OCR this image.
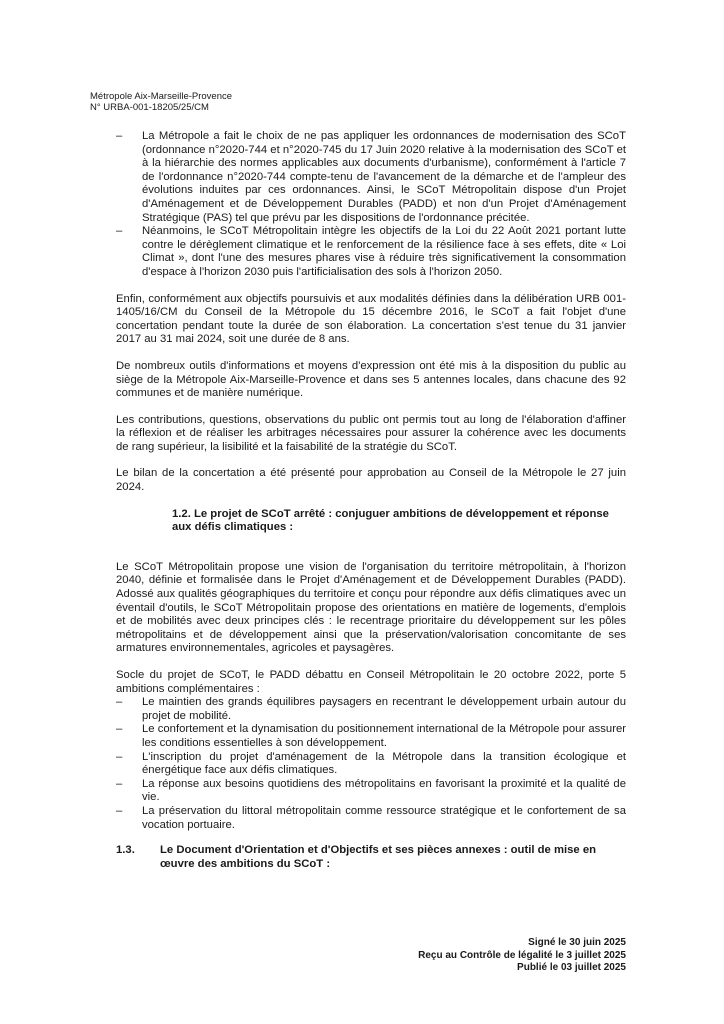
Métropole Aix-Marseille-Provence
N° URBA-001-18205/25/CM
– La Métropole a fait le choix de ne pas appliquer les ordonnances de modernisation des SCoT (ordonnance n°2020-744 et n°2020-745 du 17 Juin 2020 relative à la modernisation des SCoT et à la hiérarchie des normes applicables aux documents d'urbanisme), conformément à l'article 7 de l'ordonnance n°2020-744 compte-tenu de l'avancement de la démarche et de l'ampleur des évolutions induites par ces ordonnances. Ainsi, le SCoT Métropolitain dispose d'un Projet d'Aménagement et de Développement Durables (PADD) et non d'un Projet d'Aménagement Stratégique (PAS) tel que prévu par les dispositions de l'ordonnance précitée.

– Néanmoins, le SCoT Métropolitain intègre les objectifs de la Loi du 22 Août 2021 portant lutte contre le dérèglement climatique et le renforcement de la résilience face à ses effets, dite « Loi Climat », dont l'une des mesures phares vise à réduire très significativement la consommation d'espace à l'horizon 2030 puis l'artificialisation des sols à l'horizon 2050.

Enfin, conformément aux objectifs poursuivis et aux modalités définies dans la délibération URB 001-1405/16/CM du Conseil de la Métropole du 15 décembre 2016, le SCoT a fait l'objet d'une concertation pendant toute la durée de son élaboration. La concertation s'est tenue du 31 janvier 2017 au 31 mai 2024, soit une durée de 8 ans.

De nombreux outils d'informations et moyens d'expression ont été mis à la disposition du public au siège de la Métropole Aix-Marseille-Provence et dans ses 5 antennes locales, dans chacune des 92 communes et de manière numérique.

Les contributions, questions, observations du public ont permis tout au long de l'élaboration d'affiner la réflexion et de réaliser les arbitrages nécessaires pour assurer la cohérence avec les documents de rang supérieur, la lisibilité et la faisabilité de la stratégie du SCoT.

Le bilan de la concertation a été présenté pour approbation au Conseil de la Métropole le 27 juin 2024.

1.2. Le projet de SCoT arrêté : conjuguer ambitions de développement et réponse aux défis climatiques :

Le SCoT Métropolitain propose une vision de l'organisation du territoire métropolitain, à l'horizon 2040, définie et formalisée dans le Projet d'Aménagement et de Développement Durables (PADD). Adossé aux qualités géographiques du territoire et conçu pour répondre aux défis climatiques avec un éventail d'outils, le SCoT Métropolitain propose des orientations en matière de logements, d'emplois et de mobilités avec deux principes clés : le recentrage prioritaire du développement sur les pôles métropolitains et de développement ainsi que la préservation/valorisation concomitante de ses armatures environnementales, agricoles et paysagères.

Socle du projet de SCoT, le PADD débattu en Conseil Métropolitain le 20 octobre 2022, porte 5 ambitions complémentaires :

– Le maintien des grands équilibres paysagers en recentrant le développement urbain autour du projet de mobilité.

– Le confortement et la dynamisation du positionnement international de la Métropole pour assurer les conditions essentielles à son développement.

– L'inscription du projet d'aménagement de la Métropole dans la transition écologique et énergétique face aux défis climatiques.

– La réponse aux besoins quotidiens des métropolitains en favorisant la proximité et la qualité de vie.

– La préservation du littoral métropolitain comme ressource stratégique et le confortement de sa vocation portuaire.

1.3. Le Document d'Orientation et d'Objectifs et ses pièces annexes : outil de mise en œuvre des ambitions du SCoT :

Signé le 30 juin 2025
Reçu au Contrôle de légalité le 3 juillet 2025
Publié le 03 juillet 2025
